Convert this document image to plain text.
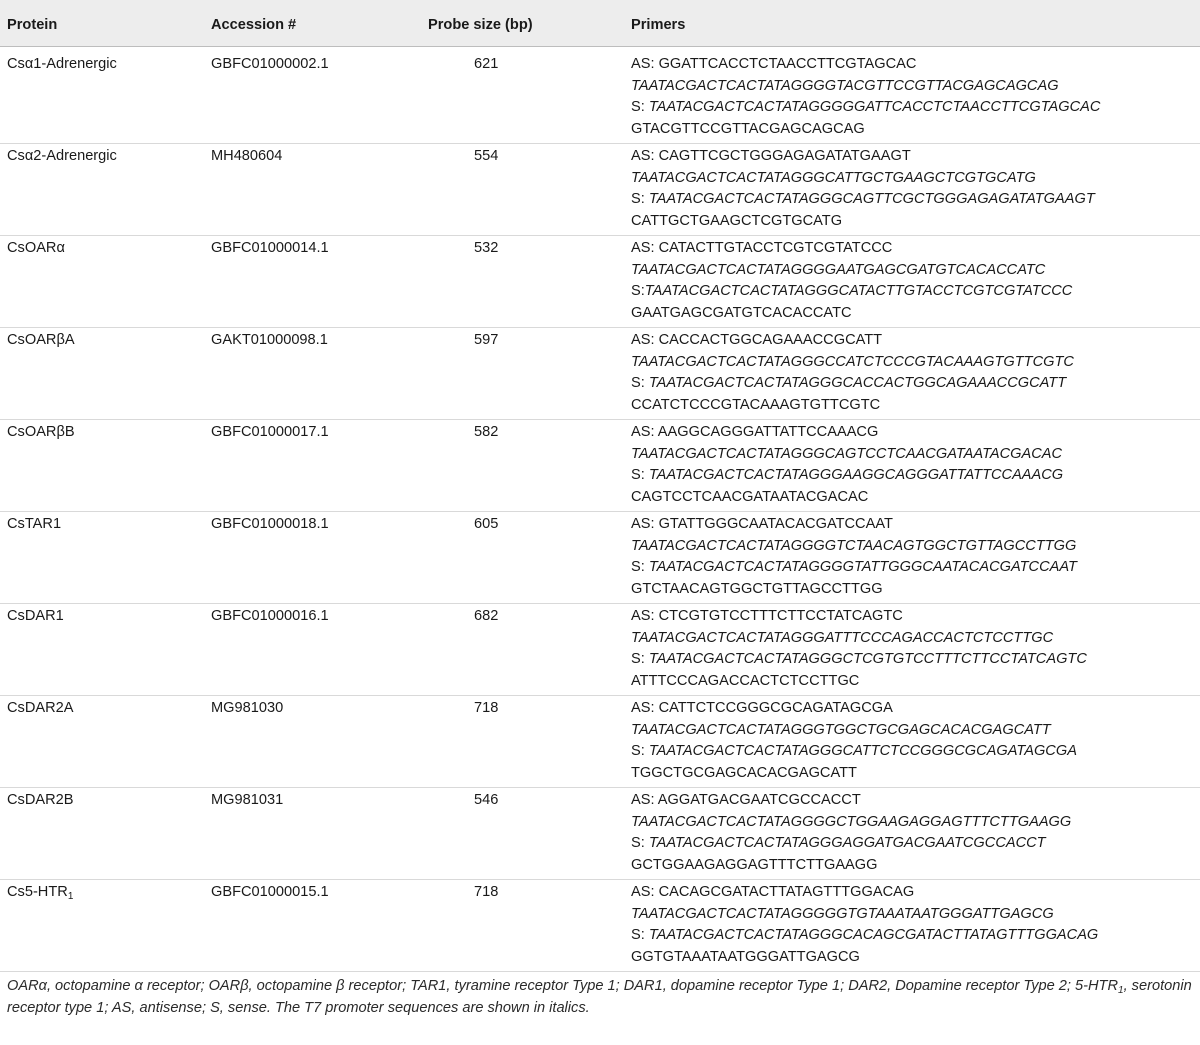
Protein	Accession #	Probe size (bp)	Primers
Csα1-Adrenergic	GBFC01000002.1	621	AS: GGATTCACCTCTAACCTTCGTAGCAC
TAATACGACTCACTATAGGGGTACGTTCCGTTACGAGCAGCAG
S: TAATACGACTCACTATAGGGGGATTCACCTCTAACCTTCGTAGCAC
GTACGTTCCGTTACGAGCAGCAG

Csα2-Adrenergic	MH480604	554	AS: CAGTTCGCTGGGAGAGATATGAAGT
TAATACGACTCACTATAGGGCATTGCTGAAGCTCGTGCATG
S: TAATACGACTCACTATAGGGCAGTTCGCTGGGAGAGATATGAAGT
CATTGCTGAAGCTCGTGCATG

CsOARα	GBFC01000014.1	532	AS: CATACTTGTACCTCGTCGTATCCC
TAATACGACTCACTATAGGGGAATGAGCGATGTCACACCATC
S:TAATACGACTCACTATAGGGCATACTTGTACCTCGTCGTATCCC
GAATGAGCGATGTCACACCATC

CsOARβA	GAKT01000098.1	597	AS: CACCACTGGCAGAAACCGCATT
TAATACGACTCACTATAGGGCCATCTCCCGTACAAAGTGTTCGTC
S: TAATACGACTCACTATAGGGCACCACTGGCAGAAACCGCATT
CCATCTCCCGTACAAAGTGTTCGTC

CsOARβB	GBFC01000017.1	582	AS: AAGGCAGGGATTATTCCAAACG
TAATACGACTCACTATAGGGCAGTCCTCAACGATAATACGACAC
S: TAATACGACTCACTATAGGGAAGGCAGGGATTATTCCAAACG
CAGTCCTCAACGATAATACGACAC

CsTAR1	GBFC01000018.1	605	AS: GTATTGGGCAATACACGATCCAAT
TAATACGACTCACTATAGGGGTCTAACAGTGGCTGTTAGCCTTGG
S: TAATACGACTCACTATAGGGGTATTGGGCAATACACGATCCAAT
GTCTAACAGTGGCTGTTAGCCTTGG

CsDAR1	GBFC01000016.1	682	AS: CTCGTGTCCTTTCTTCCTATCAGTC
TAATACGACTCACTATAGGGATTTCCCAGACCACTCTCCTTGC
S: TAATACGACTCACTATAGGGCTCGTGTCCTTTCTTCCTATCAGTC
ATTTCCCAGACCACTCTCCTTGC

CsDAR2A	MG981030	718	AS: CATTCTCCGGGCGCAGATAGCGA
TAATACGACTCACTATAGGGTGGCTGCGAGCACACGAGCATT
S: TAATACGACTCACTATAGGGCATTCTCCGGGCGCAGATAGCGA
TGGCTGCGAGCACACGAGCATT

CsDAR2B	MG981031	546	AS: AGGATGACGAATCGCCACCT
TAATACGACTCACTATAGGGGCTGGAAGAGGAGTTTCTTGAAGG
S: TAATACGACTCACTATAGGGAGGATGACGAATCGCCACCT
GCTGGAAGAGGAGTTTCTTGAAGG

$Cs5-HTR_1$	GBFC01000015.1	718	AS: CACAGCGATACTTATAGTTTGGACAG
TAATACGACTCACTATAGGGGGTGTAAATAATGGGATTGAGCG
S: TAATACGACTCACTATAGGGCACAGCGATACTTATAGTTTGGACAG
GGTGTAAATAATGGGATTGAGCG
OARα, octopamine α receptor; OARβ, octopamine β receptor; TAR1, tyramine receptor Type 1; DAR1, dopamine receptor Type 1; DAR2, Dopamine receptor Type 2; $5-HTR_1$, serotonin receptor type 1; AS, antisense; S, sense. The T7 promoter sequences are shown in italics.
